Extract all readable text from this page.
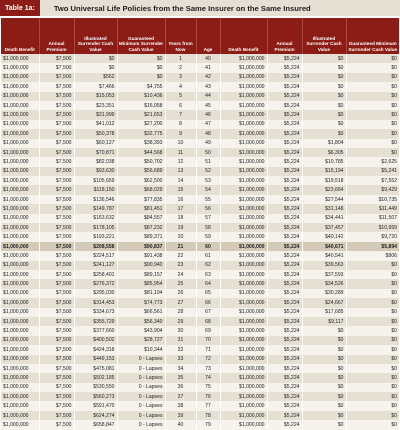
Table 1a:	Two Universal Life Policies from the Same Insurer on the Same Insured
Death Benefit	Annual Premium	Illustrated Surrender Cash Value	Guaranteed Minimum Surrender Cash Value	Years from Now	Age	Death Benefit	Annual Premium	Illustrated Surrender Cash Value	Guaranteed Minimum Surrender Cash Value
$1,000,000	$7,500	$0	$0	1	40	$1,000,000	$5,224	$0	$0
$1,000,000	$7,500	$0	$0	2	41	$1,000,000	$5,224	$0	$0
$1,000,000	$7,500	$562	$0	3	42	$1,000,000	$5,224	$0	$0
$1,000,000	$7,500	$7,466	$4,755	4	43	$1,000,000	$5,224	$0	$0
$1,000,000	$7,500	$15,053	$10,436	5	44	$1,000,000	$5,224	$0	$0
$1,000,000	$7,500	$23,351	$16,058	6	45	$1,000,000	$5,224	$0	$0
$1,000,000	$7,500	$31,999	$21,653	7	46	$1,000,000	$5,224	$0	$0
$1,000,000	$7,500	$41,012	$27,200	8	47	$1,000,000	$5,224	$0	$0
$1,000,000	$7,500	$50,378	$32,775	9	48	$1,000,000	$5,224	$0	$0
$1,000,000	$7,500	$60,127	$38,393	10	49	$1,000,000	$5,224	$1,804	$0
$1,000,000	$7,500	$70,871	$44,568	11	50	$1,000,000	$5,224	$6,305	$0
$1,000,000	$7,500	$82,038	$50,702	12	51	$1,000,000	$5,224	$10,785	$2,625
$1,000,000	$7,500	$93,630	$56,689	13	52	$1,000,000	$5,224	$15,194	$5,241
$1,000,000	$7,500	$105,659	$62,500	14	53	$1,000,000	$5,224	$19,518	$7,552
$1,000,000	$7,500	$118,150	$68,029	15	54	$1,000,000	$5,224	$23,664	$9,429
$1,000,000	$7,500	$136,546	$77,835	16	55	$1,000,000	$5,224	$27,544	$10,735
$1,000,000	$7,500	$149,787	$81,451	17	56	$1,000,000	$5,224	$31,148	$11,449
$1,000,000	$7,500	$163,632	$84,557	18	57	$1,000,000	$5,224	$34,441	$11,507
$1,000,000	$7,500	$178,105	$87,232	19	58	$1,000,000	$5,224	$37,457	$10,959
$1,000,000	$7,500	$193,221	$89,371	20	59	$1,000,000	$5,224	$40,142	$9,720
$1,000,000	$7,500	$208,558	$90,837	21	60	$1,000,000	$5,224	$40,671	$5,894
$1,000,000	$7,500	$224,517	$91,438	22	61	$1,000,000	$5,224	$40,541	$906
$1,000,000	$7,500	$241,127	$90,940	23	62	$1,000,000	$5,224	$39,563	$0
$1,000,000	$7,500	$258,401	$89,157	24	63	$1,000,000	$5,224	$37,593	$0
$1,000,000	$7,500	$276,372	$85,954	25	64	$1,000,000	$5,224	$34,526	$0
$1,000,000	$7,500	$295,030	$81,194	26	65	$1,000,000	$5,224	$30,289	$0
$1,000,000	$7,500	$314,453	$74,773	27	66	$1,000,000	$5,224	$24,667	$0
$1,000,000	$7,500	$334,673	$66,561	28	67	$1,000,000	$5,224	$17,685	$0
$1,000,000	$7,500	$355,729	$56,340	29	68	$1,000,000	$5,224	$9,117	$0
$1,000,000	$7,500	$377,660	$43,904	30	69	$1,000,000	$5,224	$0	$0
$1,000,000	$7,500	$400,502	$28,727	31	70	$1,000,000	$5,224	$0	$0
$1,000,000	$7,500	$424,318	$10,344	32	71	$1,000,000	$5,224	$0	$0
$1,000,000	$7,500	$449,153	0 - Lapses	33	72	$1,000,000	$5,224	$0	$0
$1,000,000	$7,500	$475,081	0 - Lapses	34	73	$1,000,000	$5,224	$0	$0
$1,000,000	$7,500	$502,185	0 - Lapses	35	74	$1,000,000	$5,224	$0	$0
$1,000,000	$7,500	$530,550	0 - Lapses	36	75	$1,000,000	$5,224	$0	$0
$1,000,000	$7,500	$560,273	0 - Lapses	37	76	$1,000,000	$5,224	$0	$0
$1,000,000	$7,500	$591,470	0 - Lapses	38	77	$1,000,000	$5,224	$0	$0
$1,000,000	$7,500	$624,274	0 - Lapses	39	78	$1,000,000	$5,224	$0	$0
$1,000,000	$7,500	$658,847	0 - Lapses	40	79	$1,000,000	$5,224	$0	$0
